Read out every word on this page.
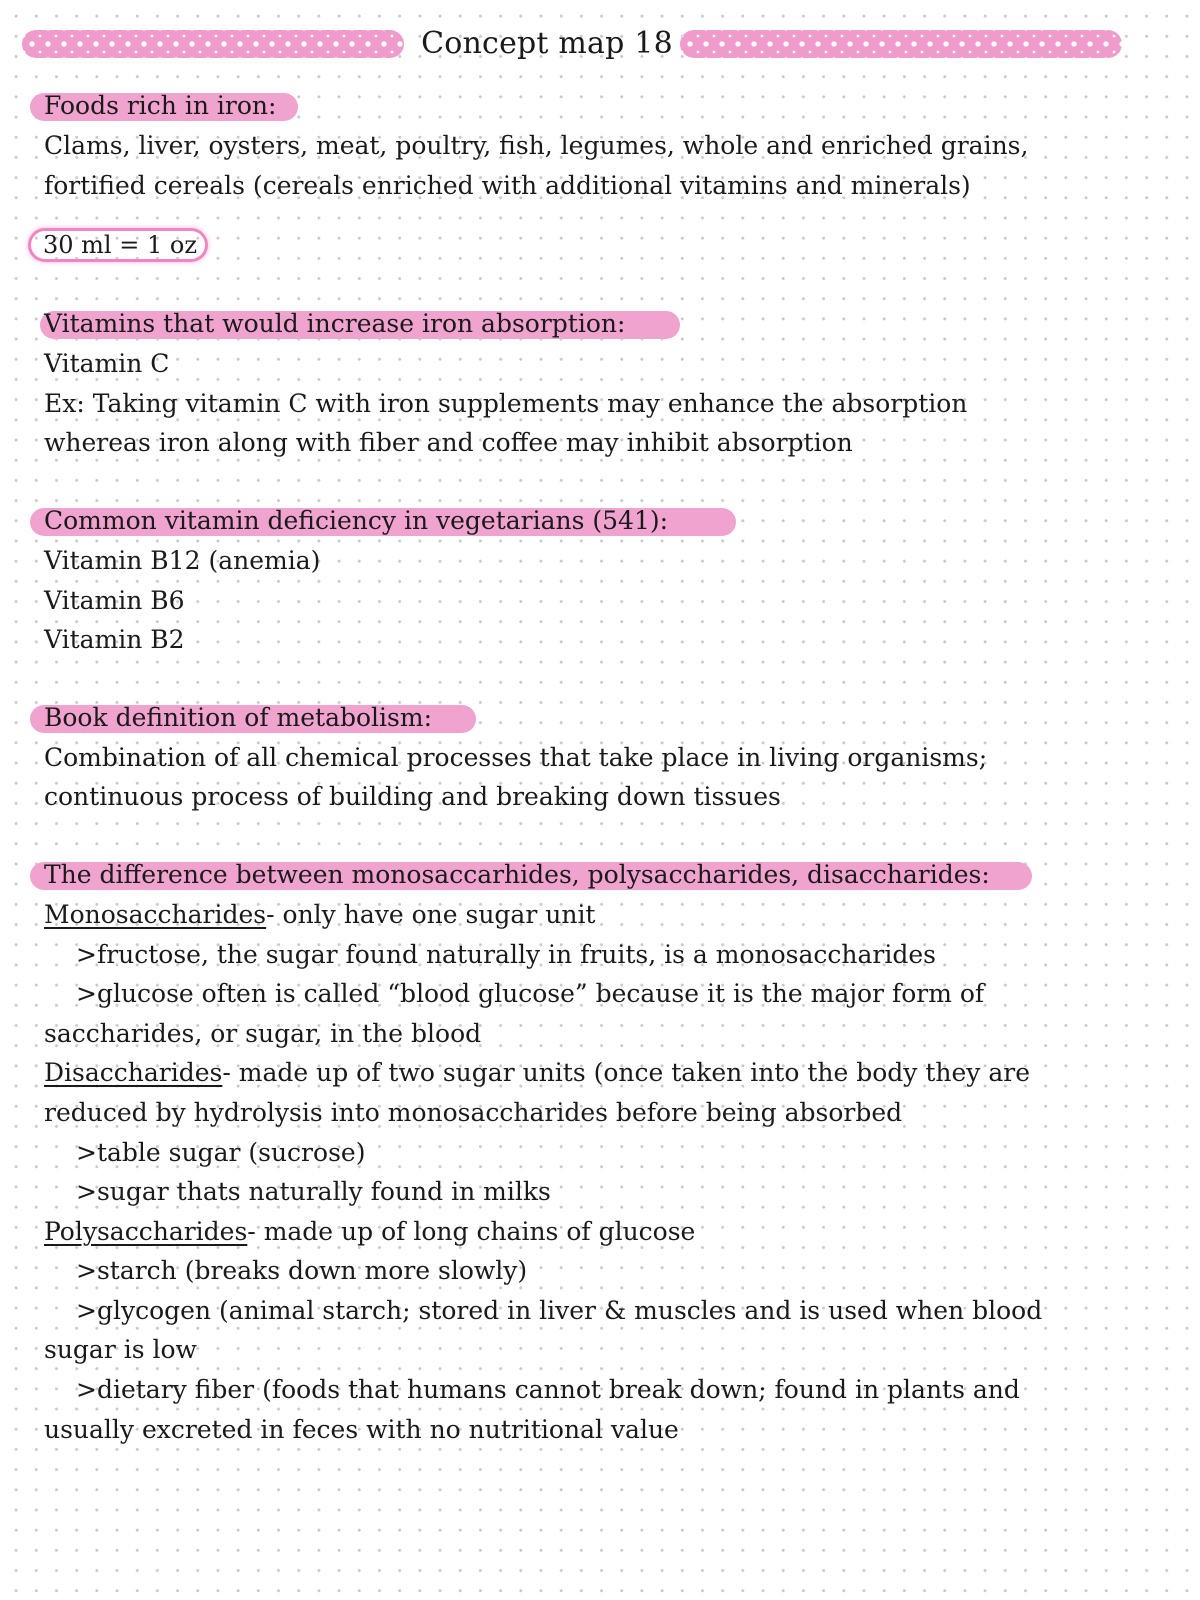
Concept map 18
Foods rich in iron:

Clams, liver, oysters, meat, poultry, fish, legumes, whole and enriched grains,

fortified cereals (cereals enriched with additional vitamins and minerals)

30 ml = 1 oz
Vitamins that would increase iron absorption:

Vitamin C

Ex: Taking vitamin C with iron supplements may enhance the absorption

whereas iron along with fiber and coffee may inhibit absorption

Common vitamin deficiency in vegetarians (541):

Vitamin B12 (anemia)

Vitamin B6

Vitamin B2

Book definition of metabolism:

Combination of all chemical processes that take place in living organisms;

continuous process of building and breaking down tissues

The difference between monosaccarhides, polysaccharides, disaccharides:

Monosaccharides- only have one sugar unit

>fructose, the sugar found naturally in fruits, is a monosaccharides

>glucose often is called “blood glucose” because it is the major form of

saccharides, or sugar, in the blood

Disaccharides- made up of two sugar units (once taken into the body they are

reduced by hydrolysis into monosaccharides before being absorbed

>table sugar (sucrose)

>sugar thats naturally found in milks

Polysaccharides- made up of long chains of glucose

>starch (breaks down more slowly)

>glycogen (animal starch; stored in liver & muscles and is used when blood

sugar is low

>dietary fiber (foods that humans cannot break down; found in plants and

usually excreted in feces with no nutritional value
